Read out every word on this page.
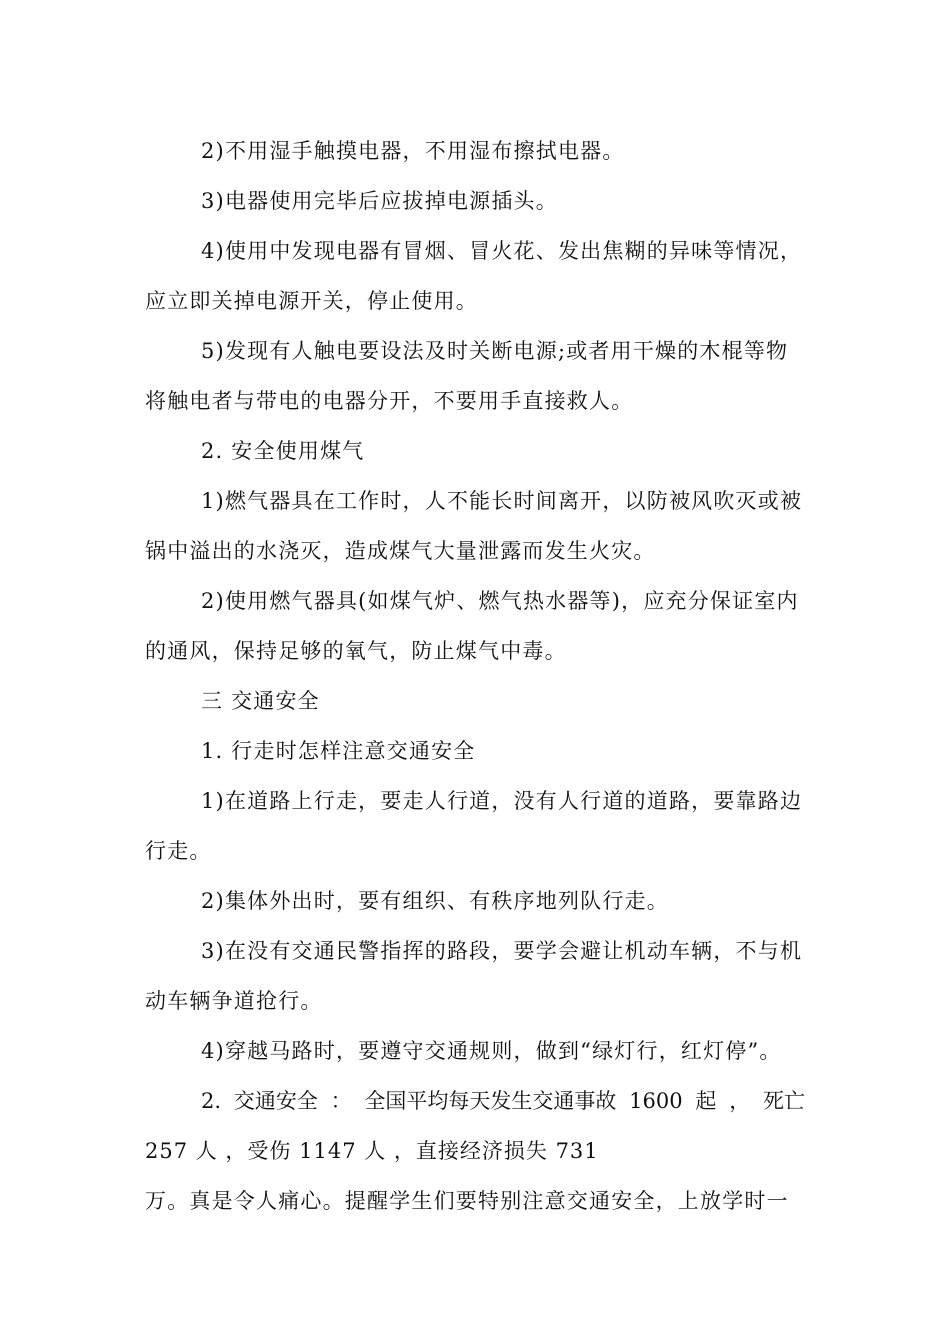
2)不用湿手触摸电器，不用湿布擦拭电器。
3)电器使用完毕后应拔掉电源插头。
4)使用中发现电器有冒烟、冒火花、发出焦糊的异味等情况，
应立即关掉电源开关，停止使用。
5)发现有人触电要设法及时关断电源;或者用干燥的木棍等物
将触电者与带电的电器分开，不要用手直接救人。
2. 安全使用煤气
1)燃气器具在工作时，人不能长时间离开，以防被风吹灭或被
锅中溢出的水浇灭，造成煤气大量泄露而发生火灾。
2)使用燃气器具(如煤气炉、燃气热水器等)，应充分保证室内
的通风，保持足够的氧气，防止煤气中毒。
三 交通安全
1. 行走时怎样注意交通安全
1)在道路上行走，要走人行道，没有人行道的道路，要靠路边
行走。
2)集体外出时，要有组织、有秩序地列队行走。
3)在没有交通民警指挥的路段，要学会避让机动车辆，不与机
动车辆争道抢行。
4)穿越马路时，要遵守交通规则，做到“绿灯行，红灯停”。
2. 交通安全 ： 全国平均每天发生交通事故 1600 起 ， 死亡
257 人 ，受伤 1147 人 ，直接经济损失 731
万。真是令人痛心。提醒学生们要特别注意交通安全，上放学时一
